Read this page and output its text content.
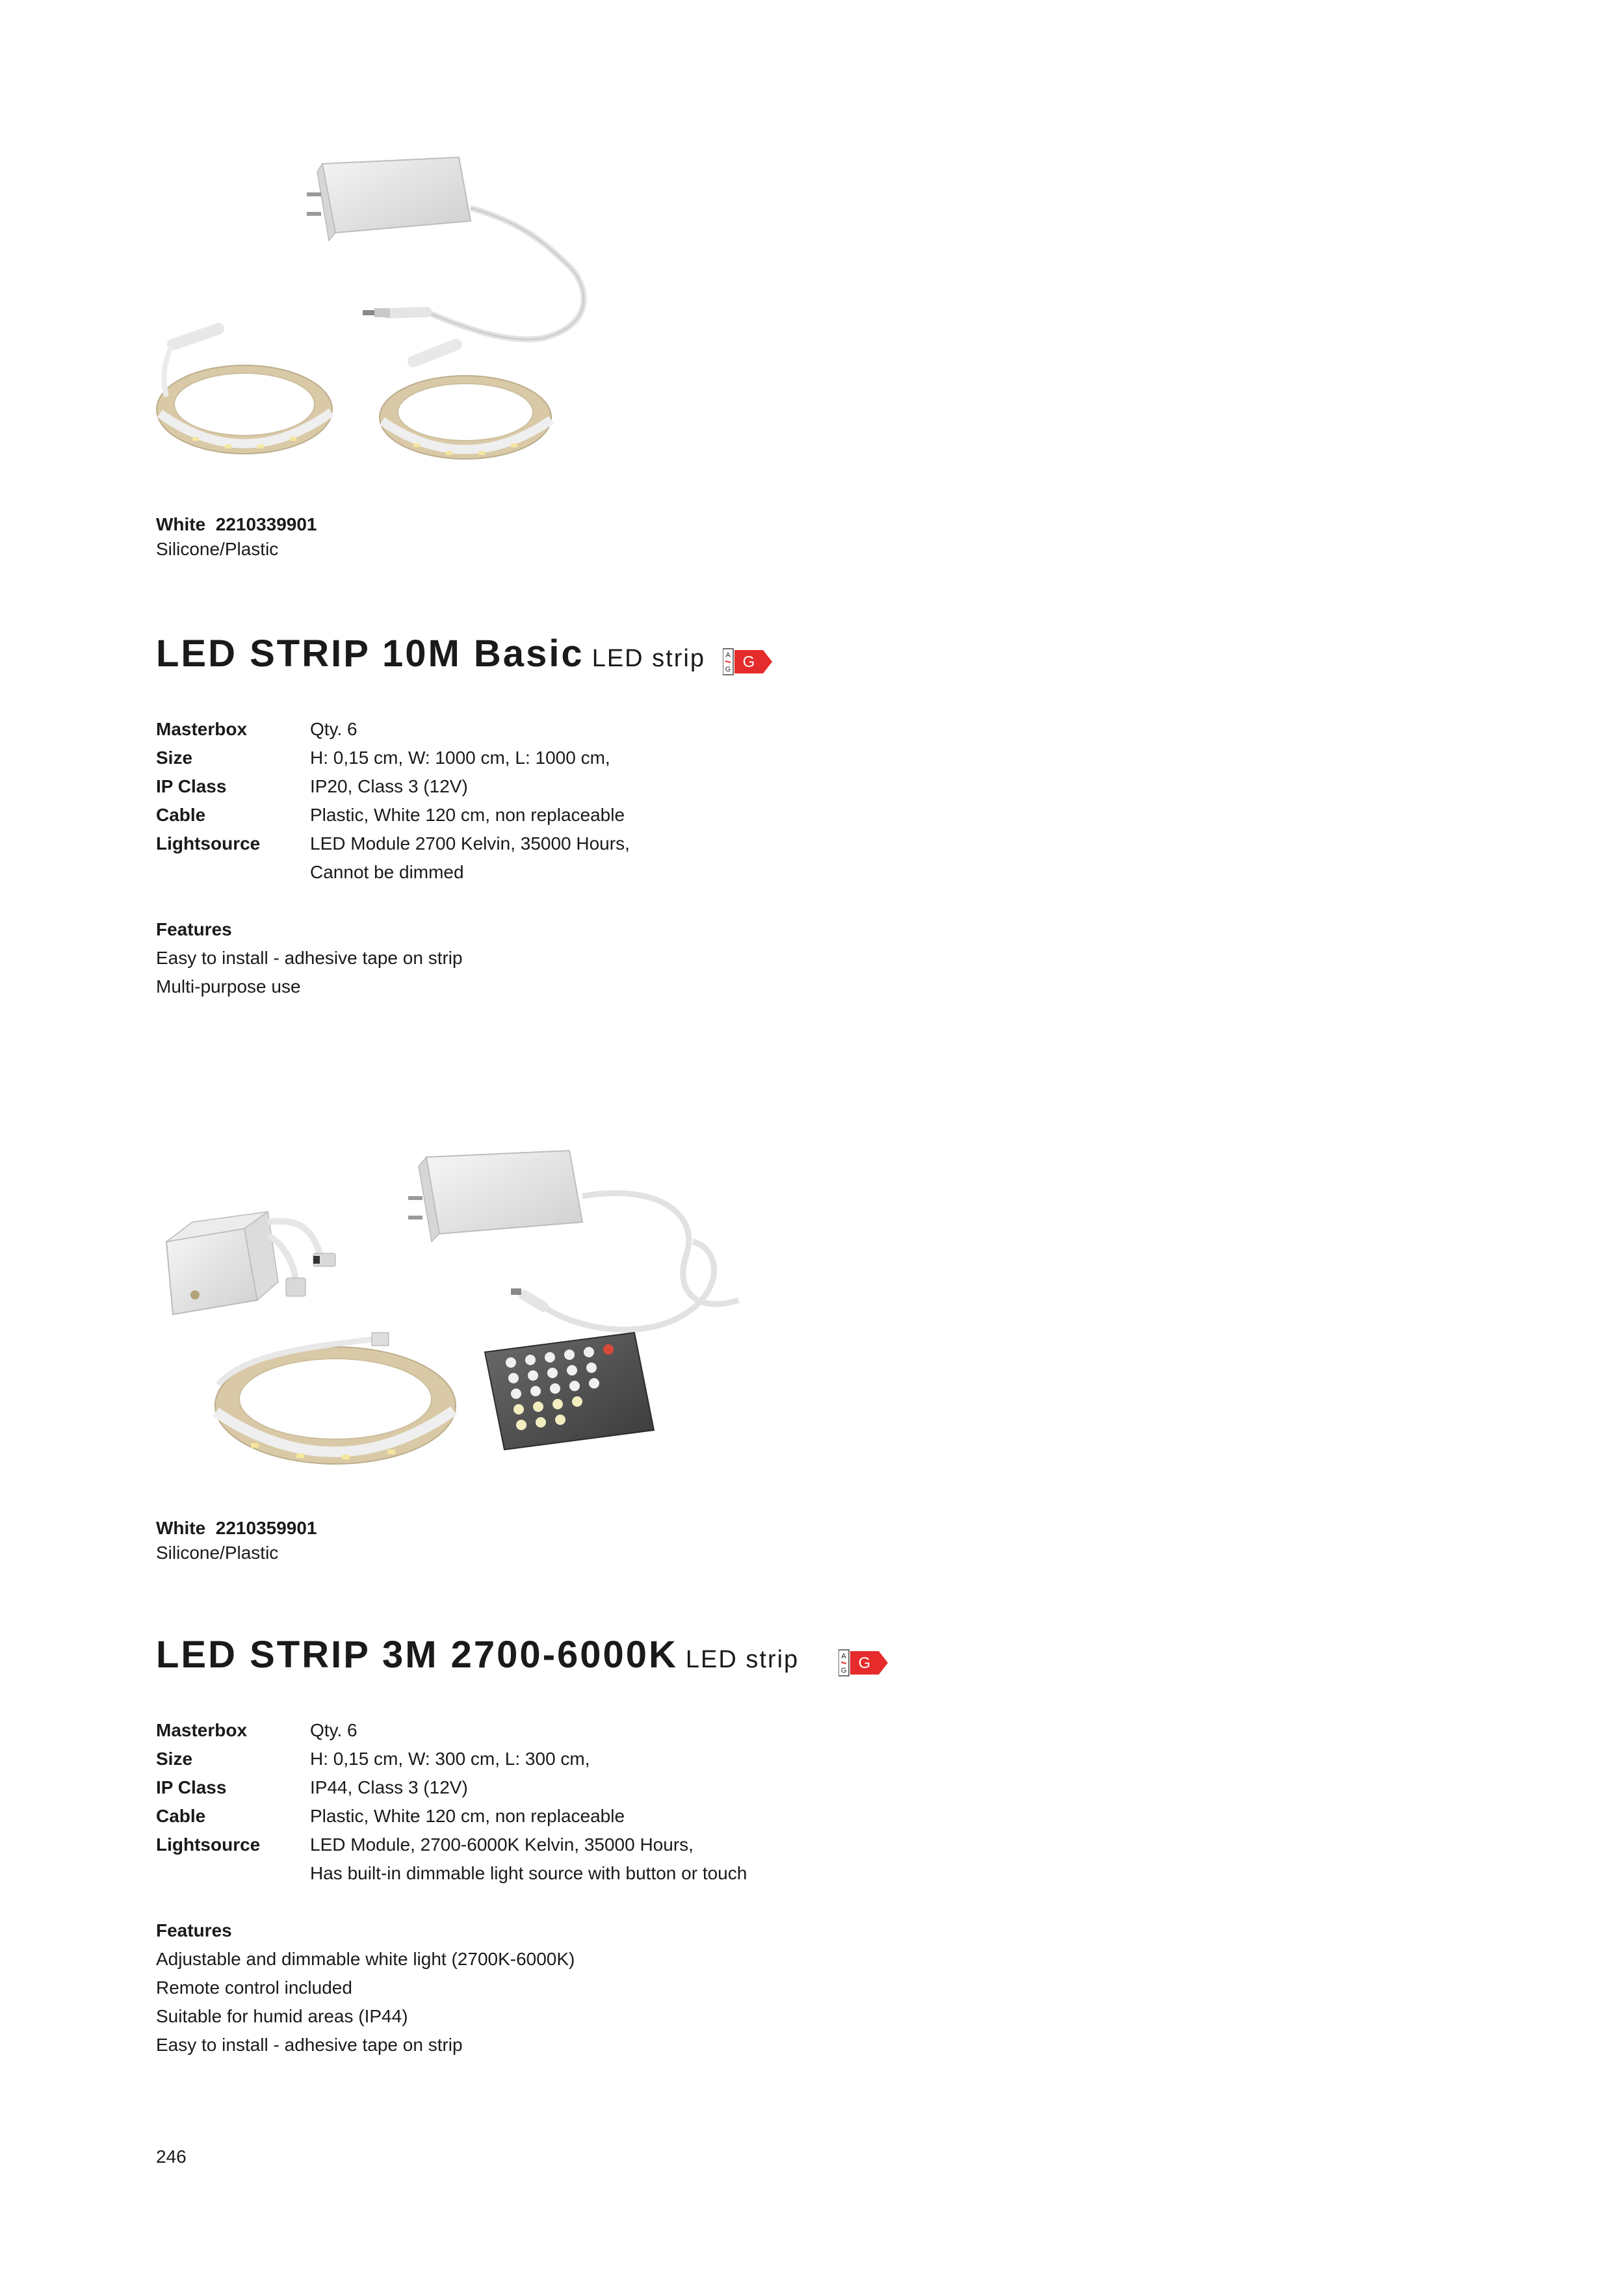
White 2210339901
Silicone/Plastic
LED STRIP 10M Basic LED strip	A
G G
Masterbox	Qty. 6
Size	H: 0,15 cm, W: 1000 cm, L: 1000 cm,
IP Class	IP20, Class 3 (12V)
Cable	Plastic, White 120 cm, non replaceable
Lightsource	LED Module 2700 Kelvin, 35000 Hours,
Cannot be dimmed
Features
Easy to install - adhesive tape on strip
Multi-purpose use
White 2210359901
Silicone/Plastic
LED STRIP 3M 2700-6000K LED strip	A
G G
Masterbox	Qty. 6
Size	H: 0,15 cm, W: 300 cm, L: 300 cm,
IP Class	IP44, Class 3 (12V)
Cable	Plastic, White 120 cm, non replaceable
Lightsource	LED Module, 2700-6000K Kelvin, 35000 Hours,
Has built-in dimmable light source with button or touch
Features
Adjustable and dimmable white light (2700K-6000K)
Remote control included
Suitable for humid areas (IP44)
Easy to install - adhesive tape on strip
246
